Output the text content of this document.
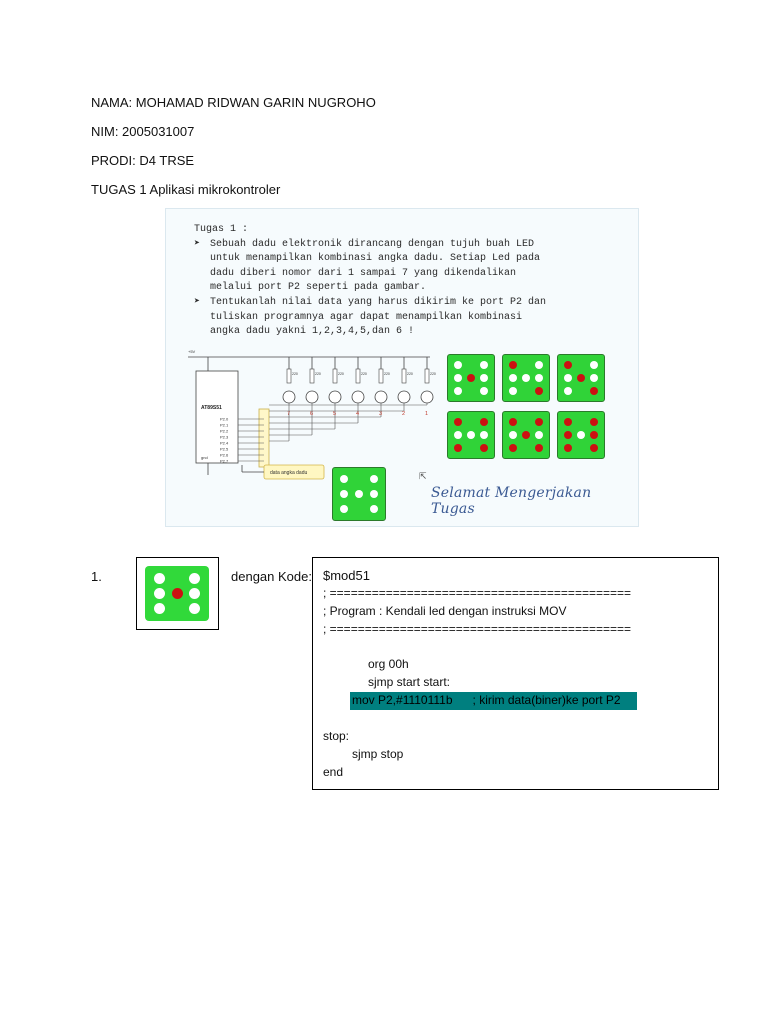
NAMA: MOHAMAD RIDWAN GARIN NUGROHO
NIM: 2005031007
PRODI: D4 TRSE
TUGAS 1 Aplikasi mikrokontroler
Tugas 1 :
➤ Sebuah dadu elektronik dirancang dengan tujuh buah LED
untuk menampilkan kombinasi angka dadu. Setiap Led pada
dadu diberi nomor dari 1 sampai 7 yang dikendalikan
melalui port P2 seperti pada gambar.
➤ Tentukanlah nilai data yang harus dikirim ke port P2 dan
tuliskan programnya agar dapat menampilkan kombinasi
angka dadu yakni 1,2,3,4,5,dan 6 !
+5V
AT89S51
gnd
P2.0
P2.1
P2.2
P2.3
P2.4
P2.5
P2.6
P2.7
220
7
220
6
220
5
220
4
220
3
220
2
220
1
data angka dadu	⇱
Selamat Mengerjakan Tugas
1.	dengan Kode: $mod51
; ===========================================
; Program : Kendali led dengan instruksi MOV
; ===========================================
org 00h
sjmp start start:
mov P2,#1110111b      ; kirim data(biner)ke port P2
stop:
sjmp stop
end
